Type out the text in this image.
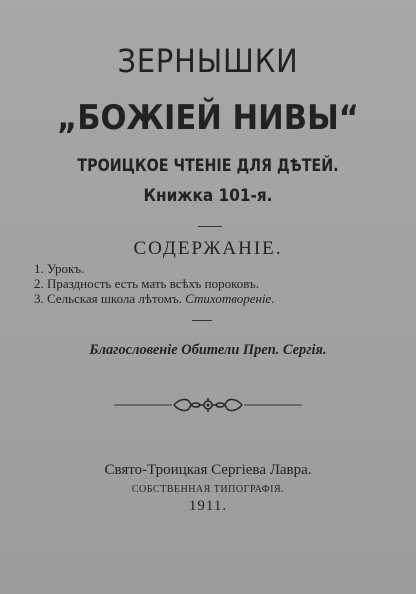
ЗЕРНЫШКИ
„БОЖІЕЙ НИВЫ“
ТРОИЦКОЕ ЧТЕНІЕ ДЛЯ ДѢТЕЙ.
Книжка 101-я.
СОДЕРЖАНІЕ.
1. Урокъ.
2. Праздность есть мать всѣхъ пороковъ.
3. Сельская школа лѣтомъ. Стихотвореніе.
Благословеніе Обители Преп. Сергія.
Свято-Троицкая Сергіева Лавра.
СОБСТВЕННАЯ ТИПОГРАФІЯ.
1911.
